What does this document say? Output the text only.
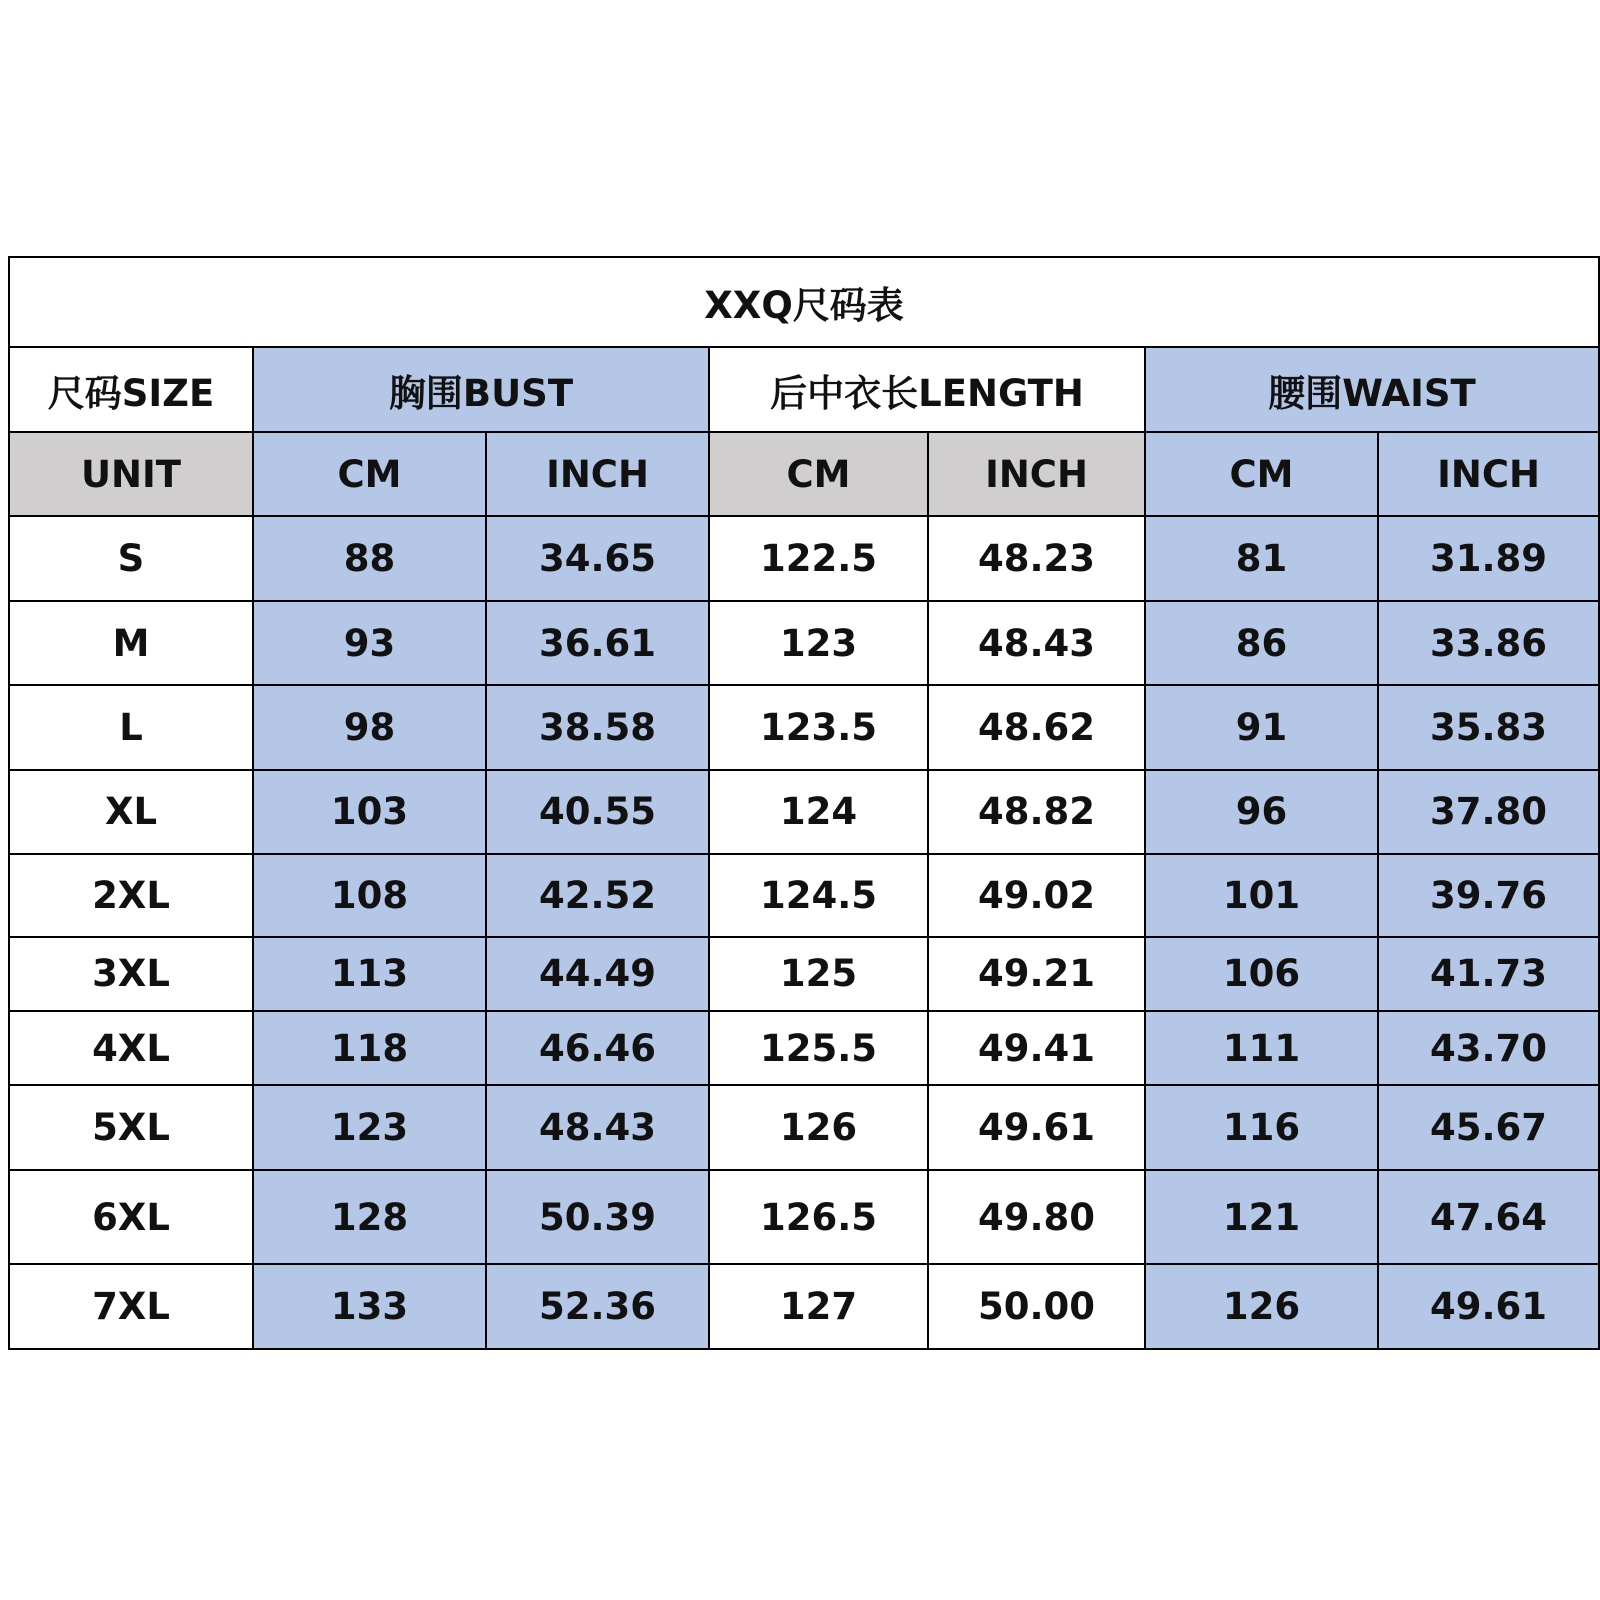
XXQ尺码表						
尺码SIZE	胸围BUST		后中衣长LENGTH		腰围WAIST	
UNIT	CM	INCH	CM	INCH	CM	INCH
S	88	34.65	122.5	48.23	81	31.89
M	93	36.61	123	48.43	86	33.86
L	98	38.58	123.5	48.62	91	35.83
XL	103	40.55	124	48.82	96	37.80
2XL	108	42.52	124.5	49.02	101	39.76
3XL	113	44.49	125	49.21	106	41.73
4XL	118	46.46	125.5	49.41	111	43.70
5XL	123	48.43	126	49.61	116	45.67
6XL	128	50.39	126.5	49.80	121	47.64
7XL	133	52.36	127	50.00	126	49.61
